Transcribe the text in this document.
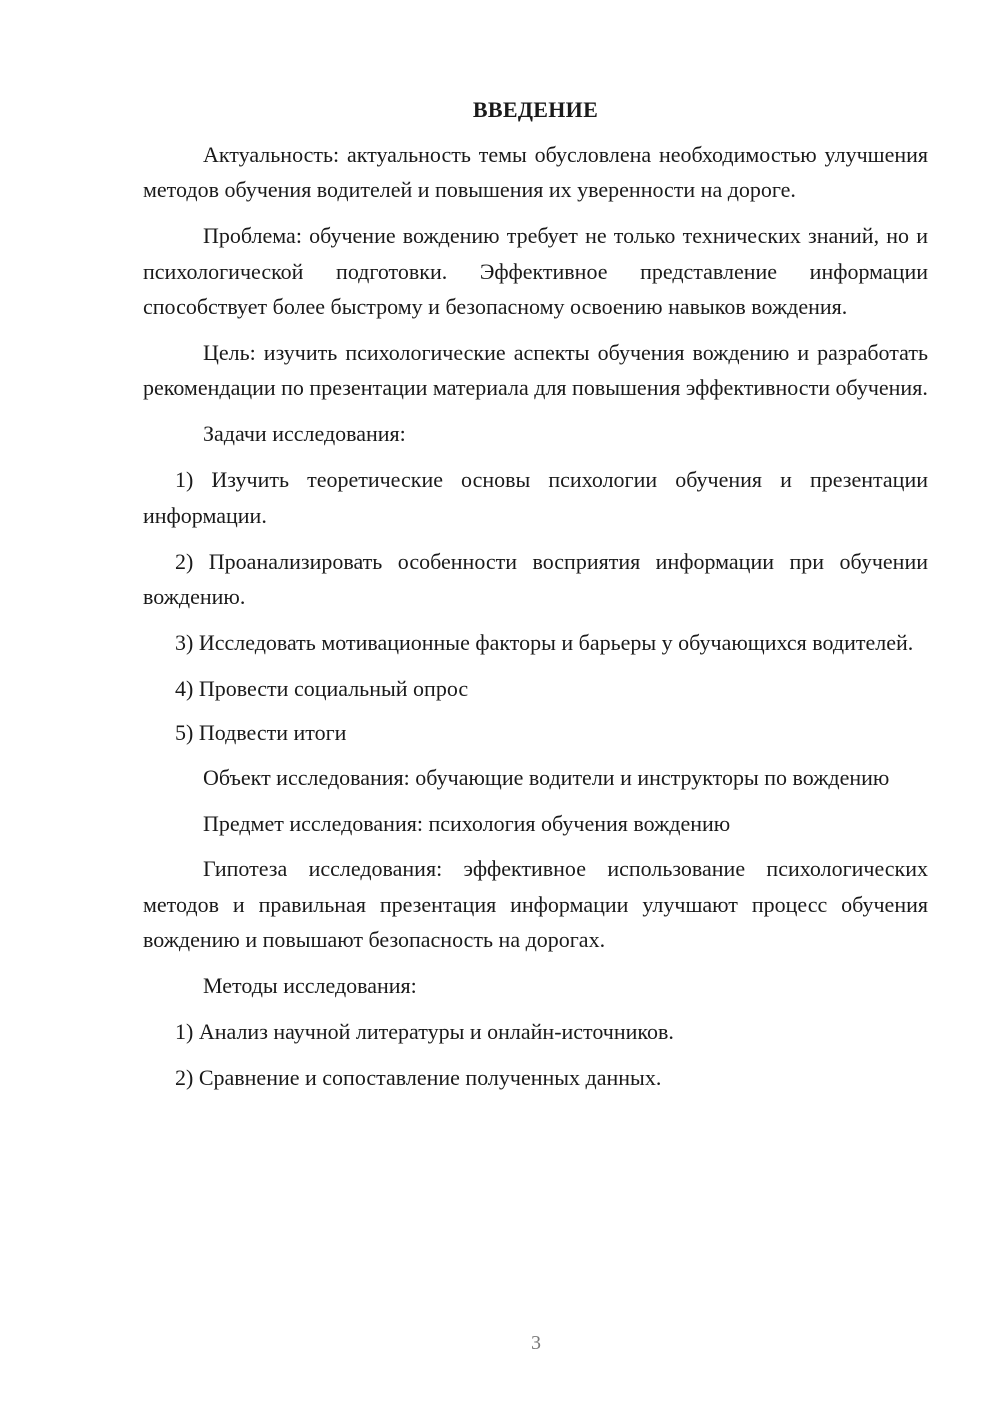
ВВЕДЕНИЕ

Актуальность: актуальность темы обусловлена необходимостью улучшения методов обучения водителей и повышения их уверенности на дороге.

Проблема: обучение вождению требует не только технических знаний, но и психологической подготовки. Эффективное представление информации способствует более быстрому и безопасному освоению навыков вождения.

Цель: изучить психологические аспекты обучения вождению и разработать рекомендации по презентации материала для повышения эффективности обучения.

Задачи исследования:

1) Изучить теоретические основы психологии обучения и презентации информации.

2) Проанализировать особенности восприятия информации при обучении вождению.

3) Исследовать мотивационные факторы и барьеры у обучающихся водителей.

4) Провести социальный опрос

5) Подвести итоги

Объект исследования: обучающие водители и инструкторы по вождению

Предмет исследования: психология обучения вождению

Гипотеза исследования: эффективное использование психологических методов и правильная презентация информации улучшают процесс обучения вождению и повышают безопасность на дорогах.

Методы исследования:

1) Анализ научной литературы и онлайн-источников.

2) Сравнение и сопоставление полученных данных.

3
